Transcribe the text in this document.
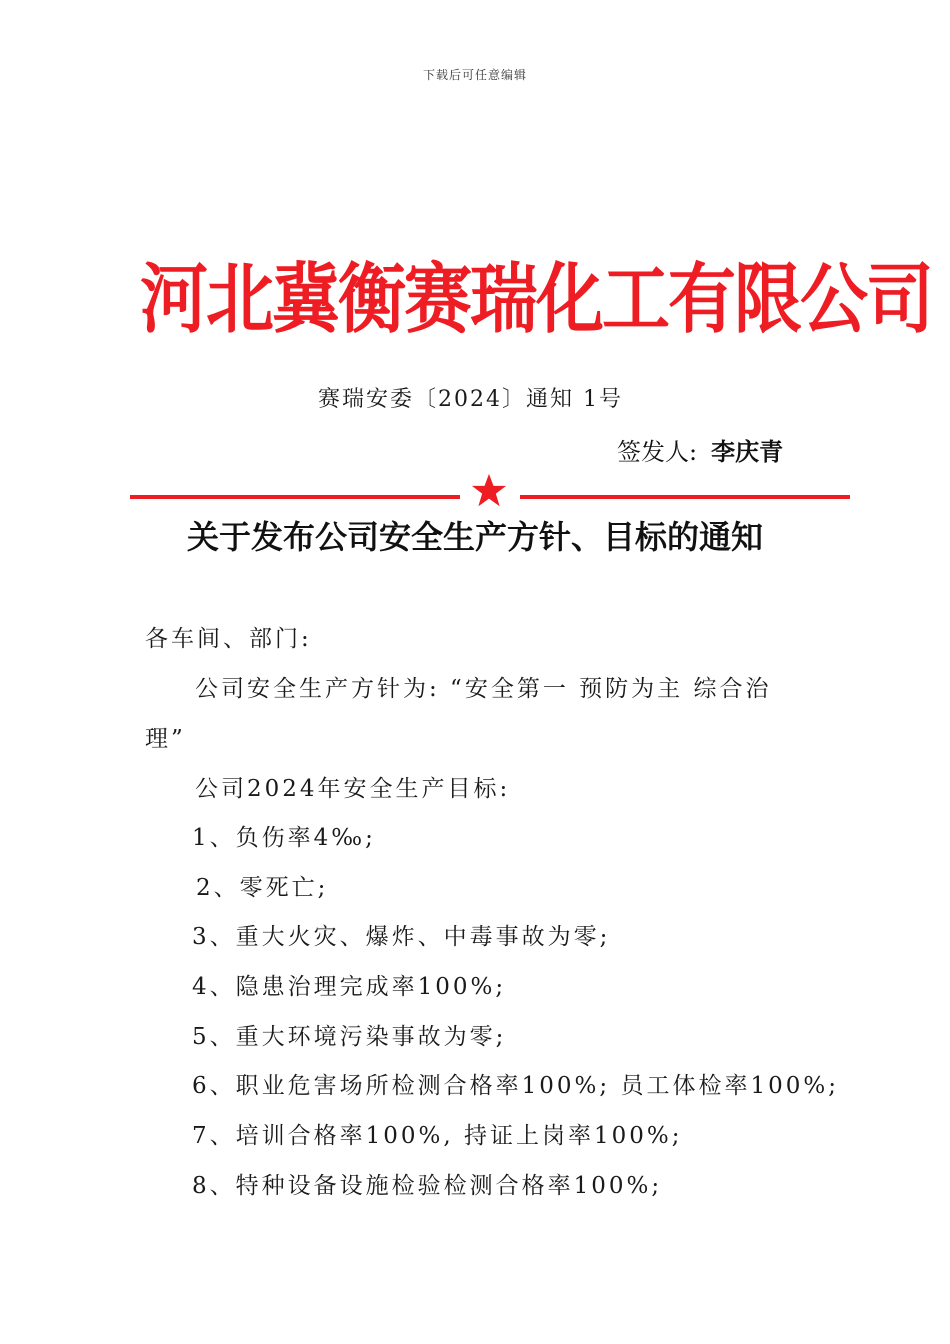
下载后可任意编辑
河北冀衡赛瑞化工有限公司
赛瑞安委〔2024〕通知 1号
签发人: 李庆青
关于发布公司安全生产方针、目标的通知
各车间、部门:
公司安全生产方针为: “安全第一 预防为主 综合治
理”
公司2024年安全生产目标:
1、负伤率4‰;
2、零死亡;
3、重大火灾、爆炸、中毒事故为零;
4、隐患治理完成率100%;
5、重大环境污染事故为零;
6、职业危害场所检测合格率100%; 员工体检率100%;
7、培训合格率100%, 持证上岗率100%;
8、特种设备设施检验检测合格率100%;
